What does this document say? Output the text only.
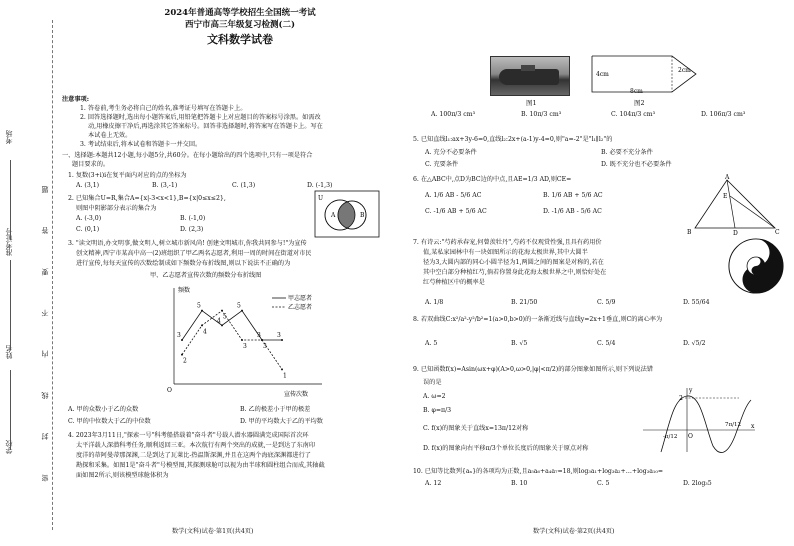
学校
姓名
准考证号
考场
密 封 线 内 不 要 答 题
2024年普通高等学校招生全国统一考试
西宁市高三年级复习检测(二)
文科数学试卷
注意事项:
1. 答卷前,考生务必将自己的姓名,准考证号填写在答题卡上。
2. 回答选择题时,选出每小题答案后,用铅笔把答题卡上对应题目的答案标号涂黑。如需改
动,用橡皮擦干净后,再选涂其它答案标号。回答非选择题时,将答案写在答题卡上。写在
本试卷上无效。
3. 考试结束后,将本试卷和答题卡一并交回。
一、选择题:本题共12小题,每小题5分,共60分。在每小题给出的四个选项中,只有一项是符合
题目要求的。
1. 复数(3+i)i在复平面内对应的点的坐标为
A. (3,1)	B. (3,-1)	C. (1,3)	D. (-1,3)
2. 已知集合U=R,集合A={x|-3<x<1},B={x|0≤x≤2},
则图中阴影部分表示的集合为
A. (-3,0)	B. (-1,0)
C. (0,1)	D. (2,3)
U
A	B
3. "读文明语,办文明事,做文明人,树立城市新风尚! 创建文明城市,你我共同参与!"为宣传
创文精神,西宁市某高中高一(2)班组织了甲乙两名志愿者,利用一周的时间在街道对市民
进行宣传,每每天宣传的次数绘制成如下频数分布折线图,则以下说法不正确的为
甲、乙志愿者宣传次数的频数分布折线图
频数
宣传次数
O
3
5
4
5
3	3
2
4
5
3	3
1
甲志愿者
乙志愿者
A. 甲的众数小于乙的众数	B. 乙的极差小于甲的极差
C. 甲的中位数大于乙的中位数	D. 甲的平均数大于乙的平均数
4. 2023年3月11日,"探索一号"科考船搭载着"奋斗者"号载人潜水器圆满完成国际首次环
太平洋载人深潜科考任务,顺利返回三亚。本次航行有两个突出的成就,一是到达了东南印
度洋的蒂阿曼蒂那深渊,二是到达了瓦莱比-热温斯深渊,并且在这两个海底深渊都进行了
勘探和采集。如图1是"奋斗者"号模型图,其探测球舱可以视为由半球和圆柱组合而成,其轴截
面如图2所示,则该模型球舱体积为
数学(文科)试卷·第1页(共4页)
图1
4cm
2cm
8cm
图2
A. 100π/3 cm³	B. 10π/3 cm³	C. 104π/3 cm³	D. 106π/3 cm³
5. 已知直线l₁:ax+3y-6=0,直线l₂:2x+(a-1)y-4=0,则"a=-2"是"l₁∥l₂"的
A. 充分不必要条件	B. 必要不充分条件
C. 充要条件	D. 既不充分也不必要条件
6. 在△ABC中,点D为BC边的中点,且AE=1/3 AD,则CE=
A. 1/6 AB - 5/6 AC	B. 1/6 AB + 5/6 AC
C. -1/6 AB + 5/6 AC	D. -1/6 AB - 5/6 AC
A
B	C
D
E
7. 有诗云:"芍药承春宠,何曾羡牡丹",芍药不仅观赏性强,且具有药用价
值,某私家园林中有一块如图所示的花海太极世界,其中大圆半
径为3,大圆内部的同心小圆半径为1,两圆之间的图案是对称的,若在
其中空白部分种植红芍,倘若你置身此花海太极世界之中,则恰好处在
红芍种植区中的概率是
A. 1/8	B. 21/50	C. 5/9	D. 55/64
8. 若双曲线C:x²/a²-y²/b²=1(a>0,b>0)的一条渐近线与直线y=2x+1垂直,则C的离心率为
A. 5	B. √5	C. 5/4	D. √5/2
9. 已知函数f(x)=Asin(ωx+φ)(A>0,ω>0,|φ|<π/2)的部分图象如图所示,则下列说法错
误的是
A. ω=2
B. φ=π/3
C. f(x)的图象关于直线x=13π/12对称
D. f(x)的图象向右平移π/3个单位长度后的图象关于原点对称
y
x
O
-π/12
7π/12
2
10. 已知等比数列{aₙ}的各项均为正数,且a₅a₆+a₄a₇=18,则log₃a₁+log₃a₂+…+log₃a₁₀=
A. 12	B. 10	C. 5	D. 2log₃5
数学(文科)试卷·第2页(共4页)
